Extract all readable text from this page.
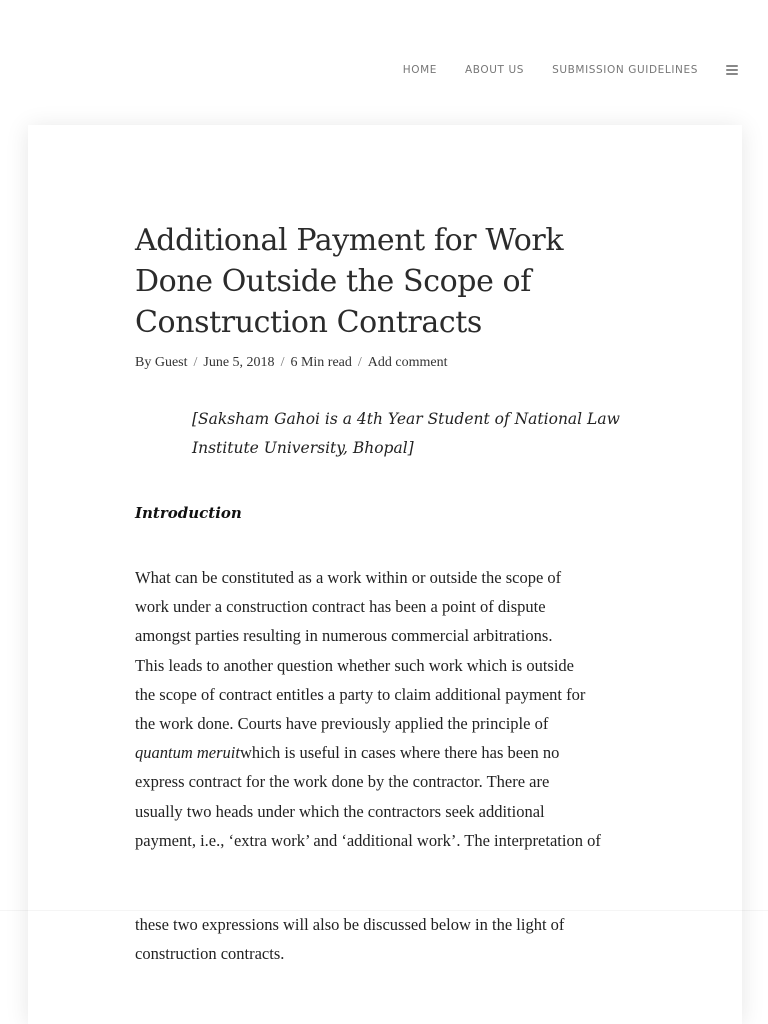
HOME	ABOUT US	SUBMISSION GUIDELINES
Additional Payment for Work Done Outside the Scope of Construction Contracts
By Guest / June 5, 2018 / 6 Min read / Add comment

[Saksham Gahoi is a 4th Year Student of National Law
Institute University, Bhopal]

Introduction

What can be constituted as a work within or outside the scope of
work under a construction contract has been a point of dispute
amongst parties resulting in numerous commercial arbitrations.
This leads to another question whether such work which is outside
the scope of contract entitles a party to claim additional payment for
the work done. Courts have previously applied the principle of
quantum meruitwhich is useful in cases where there has been no
express contract for the work done by the contractor. There are
usually two heads under which the contractors seek additional
payment, i.e., ‘extra work’ and ‘additional work’. The interpretation of

these two expressions will also be discussed below in the light of
construction contracts.
